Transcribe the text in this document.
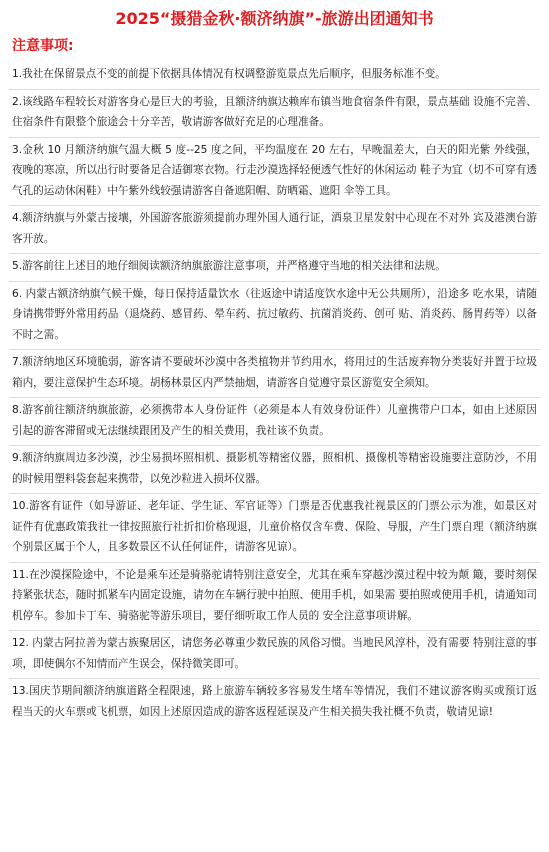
2025“摄猎金秋·额济纳旗”-旅游出团通知书
注意事项:
1.我社在保留景点不变的前提下依据具体情况有权调整游览景点先后顺序，但服务标准不变。
2.该线路车程较长对游客身心是巨大的考验，且额济纳旗达赖库布镇当地食宿条件有限，景点基础 设施不完善、住宿条件有限整个旅途会十分辛苦，敬请游客做好充足的心理准备。
3.金秋 10 月额济纳旗气温大概 5 度--25 度之间，平均温度在 20 左右，早晚温差大，白天的阳光紫 外线强，夜晚的寒凉，所以出行时要备足合适御寒衣物。行走沙漠选择轻便透气性好的休闲运动 鞋子为宜（切不可穿有透气孔的运动休闲鞋）中午紫外线较强请游客自备遮阳帽、防晒霜、遮阳 伞等工具。
4.额济纳旗与外蒙古接壤，外国游客旅游须提前办理外国人通行证，酒泉卫星发射中心现在不对外 宾及港澳台游客开放。
5.游客前往上述目的地仔细阅读额济纳旗旅游注意事项，并严格遵守当地的相关法律和法规。
6. 内蒙古额济纳旗气候干燥，每日保持适量饮水（往返途中请适度饮水途中无公共厕所），沿途多 吃水果，请随身请携带野外常用药品（退烧药、感冒药、晕车药、抗过敏药、抗菌消炎药、创可 贴、消炎药、肠胃药等）以备不时之需。
7.额济纳地区环境脆弱，游客请不要破坏沙漠中各类植物并节约用水，将用过的生活废弃物分类装好并置于垃圾箱内，要注意保护生态环境。胡杨林景区内严禁抽烟，请游客自觉遵守景区游览安全须知。
8.游客前往额济纳旗旅游，必须携带本人身份证件（必须是本人有效身份证件）儿童携带户口本，如由上述原因引起的游客滞留或无法继续跟团及产生的相关费用，我社该不负责。
9.额济纳旗周边多沙漠，沙尘易损坏照相机、摄影机等精密仪器，照相机、摄像机等精密设施要注意防沙，不用的时候用塑料袋套起来携带，以免沙粒进入损坏仪器。
10.游客有证件（如导游证、老年证、学生证、军官证等）门票是否优惠我社视景区的门票公示为准，如景区对证件有优惠政策我社一律按照旅行社折扣价格现退，儿童价格仅含车费、保险、导服，产生门票自理（额济纳旗个别景区属于个人，且多数景区不认任何证件，请游客见谅）。
11.在沙漠探险途中，不论是乘车还是骑骆驼请特别注意安全，尤其在乘车穿越沙漠过程中较为颠 簸，要时刻保持紧张状态，随时抓紧车内固定设施，请勿在车辆行驶中拍照、使用手机，如果需 要拍照或使用手机，请通知司机停车。参加卡丁车、骑骆驼等游乐项目，要仔细听取工作人员的 安全注意事项讲解。
12. 内蒙古阿拉善为蒙古族聚居区，请您务必尊重少数民族的风俗习惯。当地民风淳朴，没有需要 特别注意的事项，即使偶尔不知情而产生误会，保持微笑即可。
13.国庆节期间额济纳旗道路全程限速，路上旅游车辆较多容易发生堵车等情况，我们不建议游客购买或预订返程当天的火车票或飞机票，如因上述原因造成的游客返程延误及产生相关损失我社概不负责，敬请见谅!
